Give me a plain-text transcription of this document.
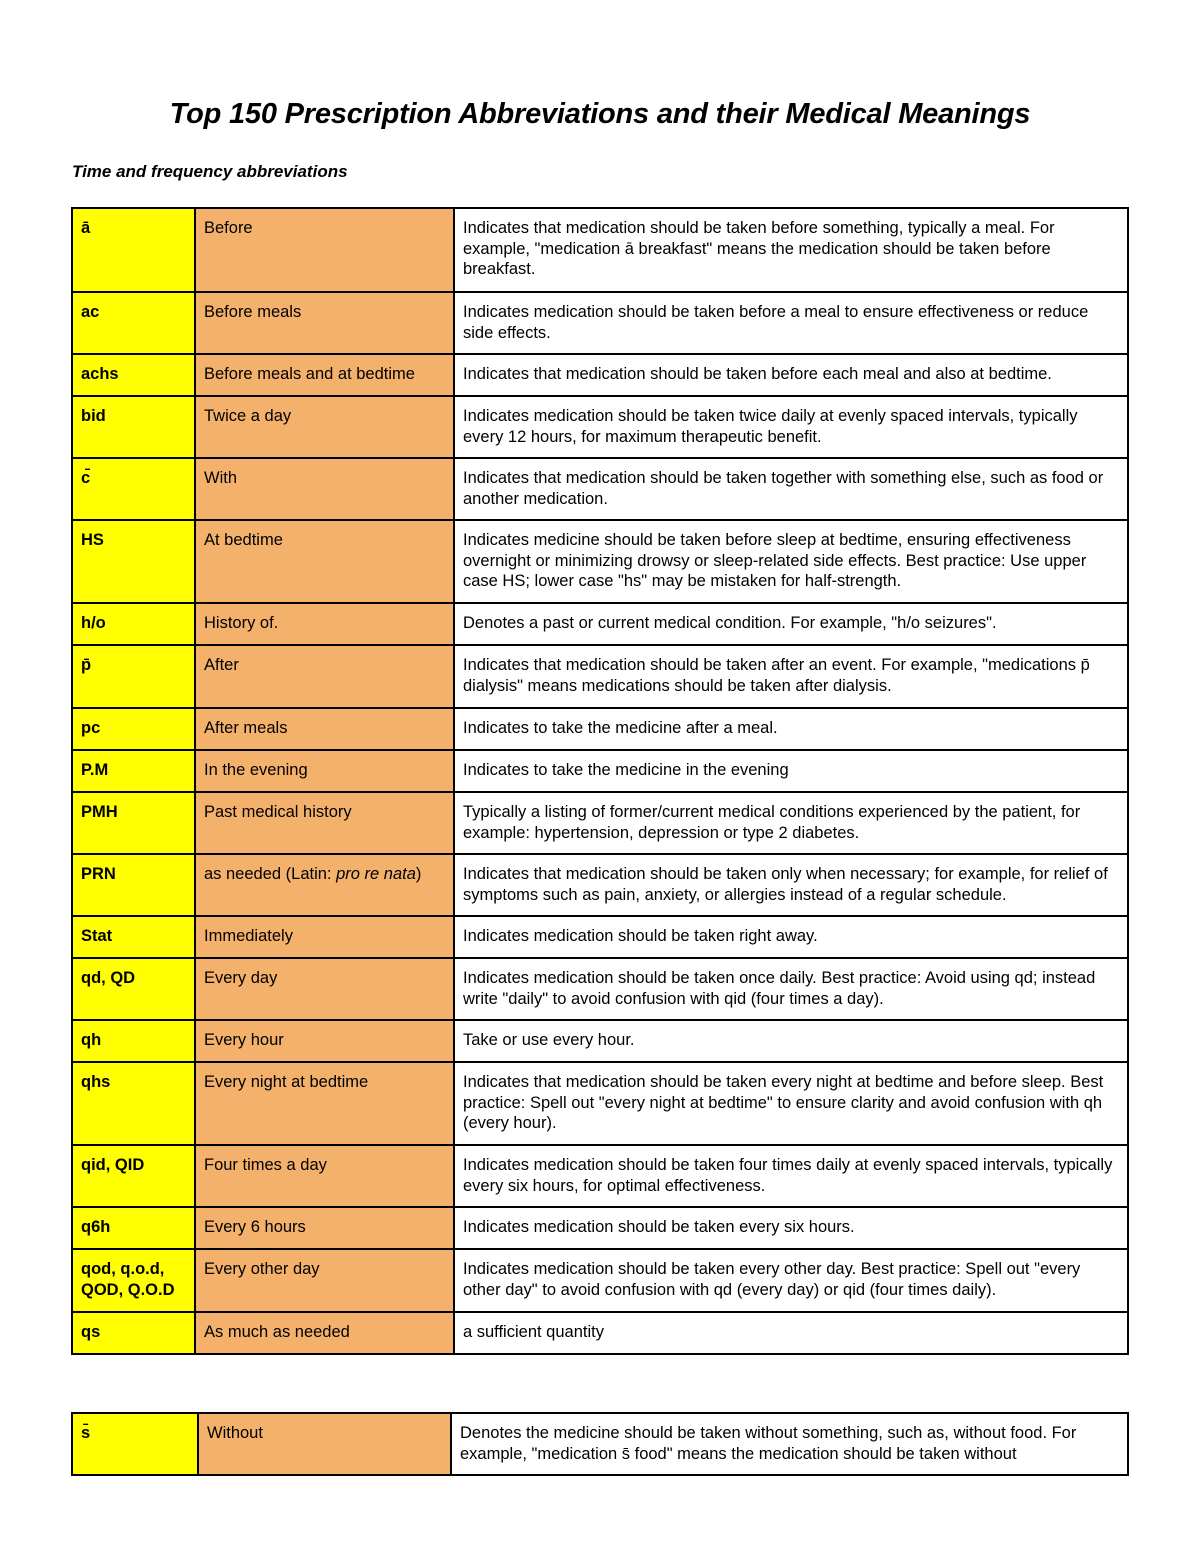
Top 150 Prescription Abbreviations and their Medical Meanings
Time and frequency abbreviations
ā	Before	Indicates that medication should be taken before something, typically a meal. For example, "medication ā breakfast" means the medication should be taken before breakfast.
ac	Before meals	Indicates medication should be taken before a meal to ensure effectiveness or reduce side effects.
achs	Before meals and at bedtime	Indicates that medication should be taken before each meal and also at bedtime.
bid	Twice a day	Indicates medication should be taken twice daily at evenly spaced intervals, typically every 12 hours, for maximum therapeutic benefit.
c̄	With	Indicates that medication should be taken together with something else, such as food or another medication.
HS	At bedtime	Indicates medicine should be taken before sleep at bedtime, ensuring effectiveness overnight or minimizing drowsy or sleep-related side effects. Best practice: Use upper case HS; lower case "hs" may be mistaken for half-strength.
h/o	History of.	Denotes a past or current medical condition. For example, "h/o seizures".
p̄	After	Indicates that medication should be taken after an event. For example, "medications p̄ dialysis" means medications should be taken after dialysis.
pc	After meals	Indicates to take the medicine after a meal.
P.M	In the evening	Indicates to take the medicine in the evening
PMH	Past medical history	Typically a listing of former/current medical conditions experienced by the patient, for example: hypertension, depression or type 2 diabetes.
PRN	as needed (Latin: pro re nata)	Indicates that medication should be taken only when necessary; for example, for relief of symptoms such as pain, anxiety, or allergies instead of a regular schedule.
Stat	Immediately	Indicates medication should be taken right away.
qd, QD	Every day	Indicates medication should be taken once daily. Best practice: Avoid using qd; instead write "daily" to avoid confusion with qid (four times a day).
qh	Every hour	Take or use every hour.
qhs	Every night at bedtime	Indicates that medication should be taken every night at bedtime and before sleep. Best practice: Spell out "every night at bedtime" to ensure clarity and avoid confusion with qh (every hour).
qid, QID	Four times a day	Indicates medication should be taken four times daily at evenly spaced intervals, typically every six hours, for optimal effectiveness.
q6h	Every 6 hours	Indicates medication should be taken every six hours.
qod, q.o.d, QOD, Q.O.D	Every other day	Indicates medication should be taken every other day. Best practice: Spell out "every other day" to avoid confusion with qd (every day) or qid (four times daily).
qs	As much as needed	a sufficient quantity
s̄	Without	Denotes the medicine should be taken without something, such as, without food. For example, "medication s̄ food" means the medication should be taken without
